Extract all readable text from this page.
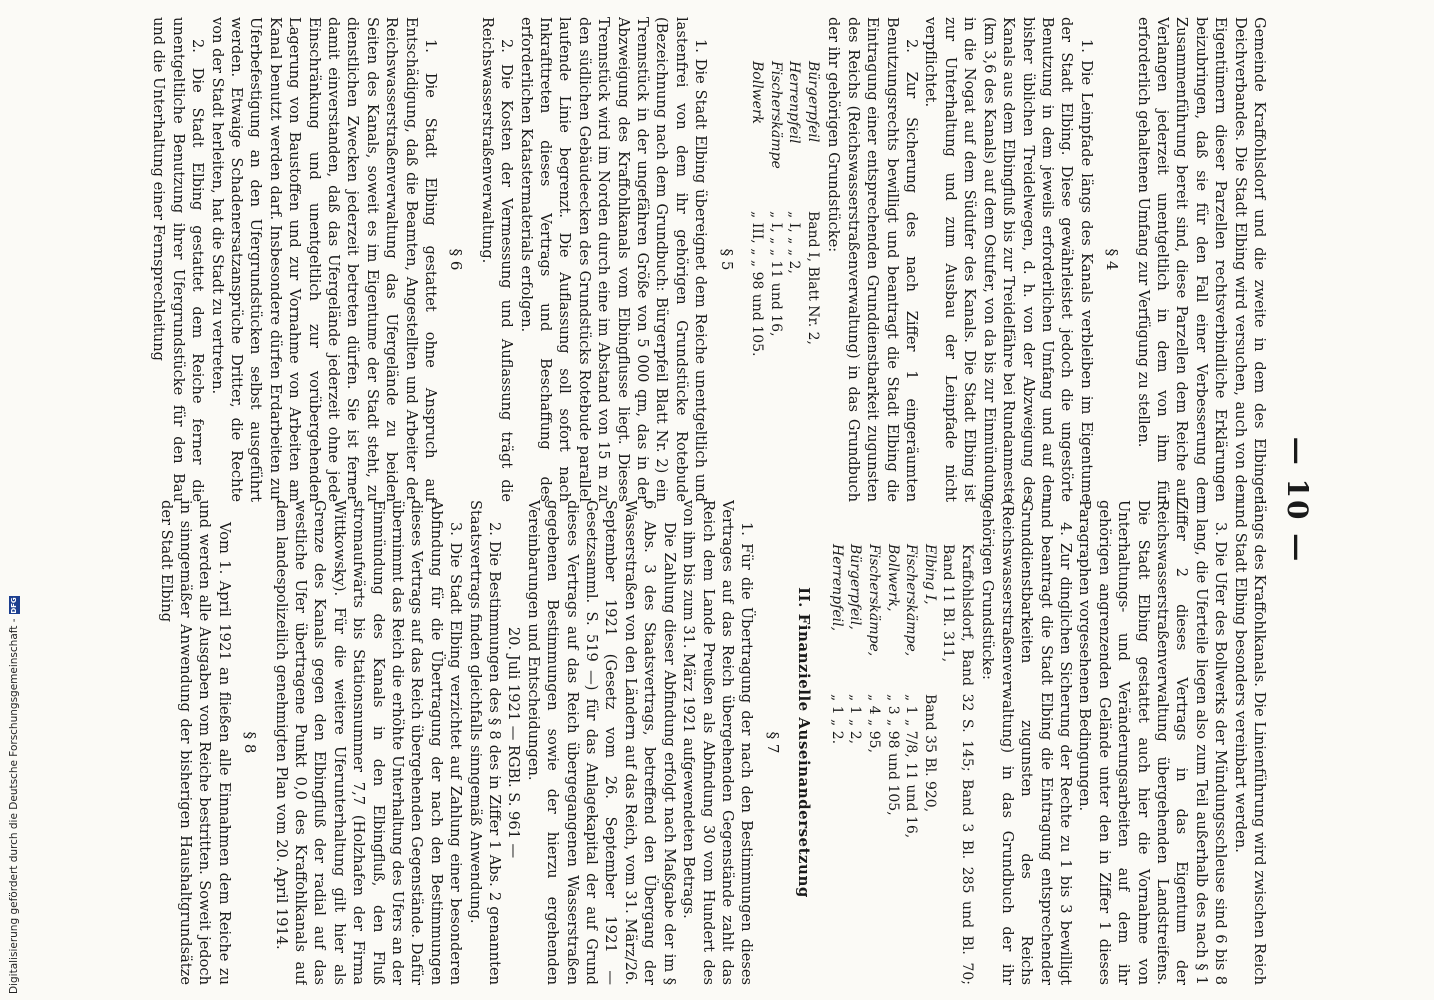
— 10 —

Gemeinde Kraffohlsdorf und die zweite in dem des Elbinger Deichverbandes. Die Stadt Elbing wird versuchen, auch von den Eigentümern dieser Parzellen rechtsverbindliche Erklärungen beizubringen, daß sie für den Fall einer Verbesserung der Zusammenführung bereit sind, diese Parzellen dem Reiche auf Verlangen jederzeit unentgeltlich in dem von ihm für erforderlich gehaltenen Umfang zur Verfügung zu stellen.

§ 4

1. Die Leinpfade längs des Kanals verbleiben im Eigentume der Stadt Elbing. Diese gewährleistet jedoch die ungestörte Benutzung in dem jeweils erforderlichen Umfang und auf den bisher üblichen Treidelwegen, d. h. von der Abzweigung des Kanals aus dem Elbingfluß bis zur Treidelfähre bei Rundanmeste (km 3,6 des Kanals) auf dem Ostufer, von da bis zur Einmündung in die Nogat auf dem Südufer des Kanals. Die Stadt Elbing ist zur Unterhaltung und zum Ausbau der Leinpfade nicht verpflichtet.

2. Zur Sicherung des nach Ziffer 1 eingeräumten Benutzungsrechts bewilligt und beantragt die Stadt Elbing die Eintragung einer entsprechenden Grunddienstbarkeit zugunsten des Reichs (Reichswasserstraßenverwaltung) in das Grundbuch der ihr gehörigen Grundstücke:

Bürgerpfeil
Band I, Blatt Nr. 2,
Herrenpfeil
„ I, „ „ 2,
Fischerskämpe
„ I, „ „ 11 und 16,
Bollwerk
„ III, „ „ 98 und 105.
§ 5

1. Die Stadt Elbing übereignet dem Reiche unentgeltlich und lastenfrei von dem ihr gehörigen Grundstücke Rotebude (Bezeichnung nach dem Grundbuch: Bürgerpfeil Blatt Nr. 2) ein Trennstück in der ungefähren Größe von 5 000 qm, das in der Abzweigung des Kraffohlkanals vom Elbingflusse liegt. Dieses Trennstück wird im Norden durch eine im Abstand von 15 m zu den südlichen Gebäudeecken des Grundstücks Rotebude parallel laufende Linie begrenzt. Die Auflassung soll sofort nach Inkrafttreten dieses Vertrags und Beschaffung des erforderlichen Katastermaterials erfolgen.

2. Die Kosten der Vermessung und Auflassung trägt die Reichswasserstraßenverwaltung.

§ 6

1. Die Stadt Elbing gestattet ohne Anspruch auf Entschädigung, daß die Beamten, Angestellten und Arbeiter der Reichswasserstraßenverwaltung das Ufergelände zu beiden Seiten des Kanals, soweit es im Eigentume der Stadt steht, zu dienstlichen Zwecken jederzeit betreten dürfen. Sie ist ferner damit einverstanden, daß das Ufergelände jederzeit ohne jede Einschränkung und unentgeltlich zur vorübergehenden Lagerung von Baustoffen und zur Vornahme von Arbeiten am Kanal benutzt werden darf. Insbesondere dürfen Erdarbeiten zur Uferbefestigung an den Ufergrundstücken selbst ausgeführt werden. Etwaige Schadenersatzansprüche Dritter, die Rechte von der Stadt herleiten, hat die Stadt zu vertreten.

2. Die Stadt Elbing gestattet dem Reiche ferner die unentgeltliche Benutzung ihrer Ufergrundstücke für den Bau und die Unterhaltung einer Fernsprechleitung

längs des Kraffohlkanals. Die Linienführung wird zwischen Reich und Stadt Elbing besonders vereinbart werden.

3. Die Ufer des Bollwerks der Mündungsschleuse sind 6 bis 8 m lang, die Uferteile liegen also zum Teil außerhalb des nach § 1 Ziffer 2 dieses Vertrags in das Eigentum der Reichswasserstraßenverwaltung übergehenden Landstreifens. Die Stadt Elbing gestattet auch hier die Vornahme von Unterhaltungs- und Veränderungsarbeiten auf dem ihr gehörigen angrenzenden Gelände unter den in Ziffer 1 dieses Paragraphen vorgesehenen Bedingungen.

4. Zur dinglichen Sicherung der Rechte zu 1 bis 3 bewilligt und beantragt die Stadt Elbing die Eintragung entsprechender Grunddienstbarkeiten zugunsten des Reichs (Reichswasserstraßenverwaltung) in das Grundbuch der ihr gehörigen Grundstücke:

Kraffohlsdorf, Band 32 S. 145; Band 3 Bl. 285 und Bl. 70; Band 11 Bl. 311,
Elbing I,
Band 35 Bl. 920,
Fischerskämpe,
„ 1 „ 7/8, 11 und 16,
Bollwerk,
„ 3 „ 98 und 105,
Fischerskämpe,
„ 4 „ 95,
Bürgerpfeil,
„ 1 „ 2,
Herrenpfeil,
„ 1 „ 2.
II. Finanzielle Auseinandersetzung
§ 7

1. Für die Übertragung der nach den Bestimmungen dieses Vertrages auf das Reich übergehenden Gegenstände zahlt das Reich dem Lande Preußen als Abfindung 30 vom Hundert des von ihm bis zum 31. März 1921 aufgewendeten Betrags.

Die Zahlung dieser Abfindung erfolgt nach Maßgabe der im § 6 Abs. 3 des Staatsvertrags, betreffend den Übergang der Wasserstraßen von den Ländern auf das Reich, vom 31. März/26. September 1921 (Gesetz vom 26. September 1921 — Gesetzsamml. S. 519 —) für das Anlagekapital der auf Grund dieses Vertrags auf das Reich übergegangenen Wasserstraßen gegebenen Bestimmungen sowie der hierzu ergehenden Vereinbarungen und Entscheidungen.

20. Juli 1921 — RGBl. S. 961 —

2. Die Bestimmungen des § 8 des in Ziffer 1 Abs. 2 genannten Staatsvertrags finden gleichfalls sinngemäß Anwendung.

3. Die Stadt Elbing verzichtet auf Zahlung einer besonderen Abfindung für die Übertragung der nach den Bestimmungen dieses Vertrags auf das Reich übergehenden Gegenstände. Dafür übernimmt das Reich die erhöhte Unterhaltung des Ufers an der Einmündung des Kanals in den Elbingfluß, den Fluß stromaufwärts bis Stationsnummer 7,7 (Holzhafen der Firma Wittkowsky). Für die weitere Uferunterhaltung gilt hier als Grenze des Kanals gegen den Elbingfluß der radial auf das westliche Ufer übertragene Punkt 0,0 des Kraffohlkanals auf dem landespolizeilich genehmigten Plan vom 20. April 1914.

§ 8

Vom 1. April 1921 an fließen alle Einnahmen dem Reiche zu und werden alle Ausgaben vom Reiche bestritten. Soweit jedoch in sinngemäßer Anwendung der bisherigen Haushaltgrundsätze der Stadt Elbing

Digitalisierung gefördert durch die Deutsche Forschungsgemeinschaft -
DFG
